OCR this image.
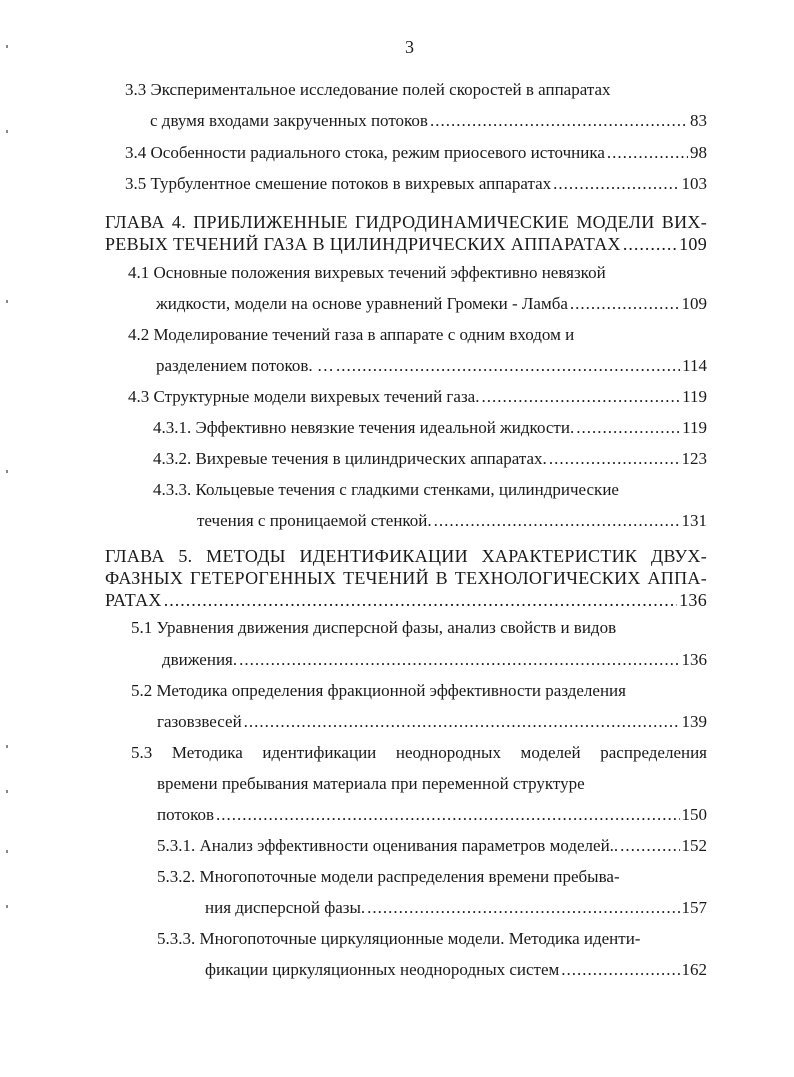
3
3.3 Экспериментальное исследование полей скоростей в аппаратах
с двумя входами закрученных потоков .....	83
3.4 Особенности радиального стока, режим приосевого источника .....	98
3.5 Турбулентное смешение потоков в вихревых аппаратах .....	103
ГЛАВА 4. ПРИБЛИЖЕННЫЕ ГИДРОДИНАМИЧЕСКИЕ МОДЕЛИ ВИХ-
РЕВЫХ ТЕЧЕНИЙ ГАЗА В ЦИЛИНДРИЧЕСКИХ АППАРАТАХ .....	109
4.1 Основные положения вихревых течений эффективно невязкой
жидкости, модели на основе уравнений Громеки - Ламба .....	109
4.2 Моделирование течений газа в аппарате с одним входом и
разделением потоков. … .....	114
4.3 Структурные модели вихревых течений газа. .....	119
4.3.1. Эффективно невязкие течения идеальной жидкости. .....	119
4.3.2. Вихревые течения в цилиндрических аппаратах. .....	123
4.3.3. Кольцевые течения с гладкими стенками, цилиндрические
течения с проницаемой стенкой. .....	131
ГЛАВА 5. МЕТОДЫ ИДЕНТИФИКАЦИИ ХАРАКТЕРИСТИК ДВУХ-
ФАЗНЫХ ГЕТЕРОГЕННЫХ ТЕЧЕНИЙ В ТЕХНОЛОГИЧЕСКИХ АППА-
РАТАХ .....	136
5.1 Уравнения движения дисперсной фазы, анализ свойств и видов
движения. .....	136
5.2 Методика определения фракционной эффективности разделения
газовзвесей .....	139
5.3 Методика идентификации неоднородных моделей распределения
времени пребывания материала при переменной структуре
потоков .....	150
5.3.1. Анализ эффективности оценивания параметров моделей.. .....	152
5.3.2. Многопоточные модели распределения времени пребыва-
ния дисперсной фазы. .....	157
5.3.3. Многопоточные циркуляционные модели. Методика иденти-
фикации циркуляционных неоднородных систем .....	162
